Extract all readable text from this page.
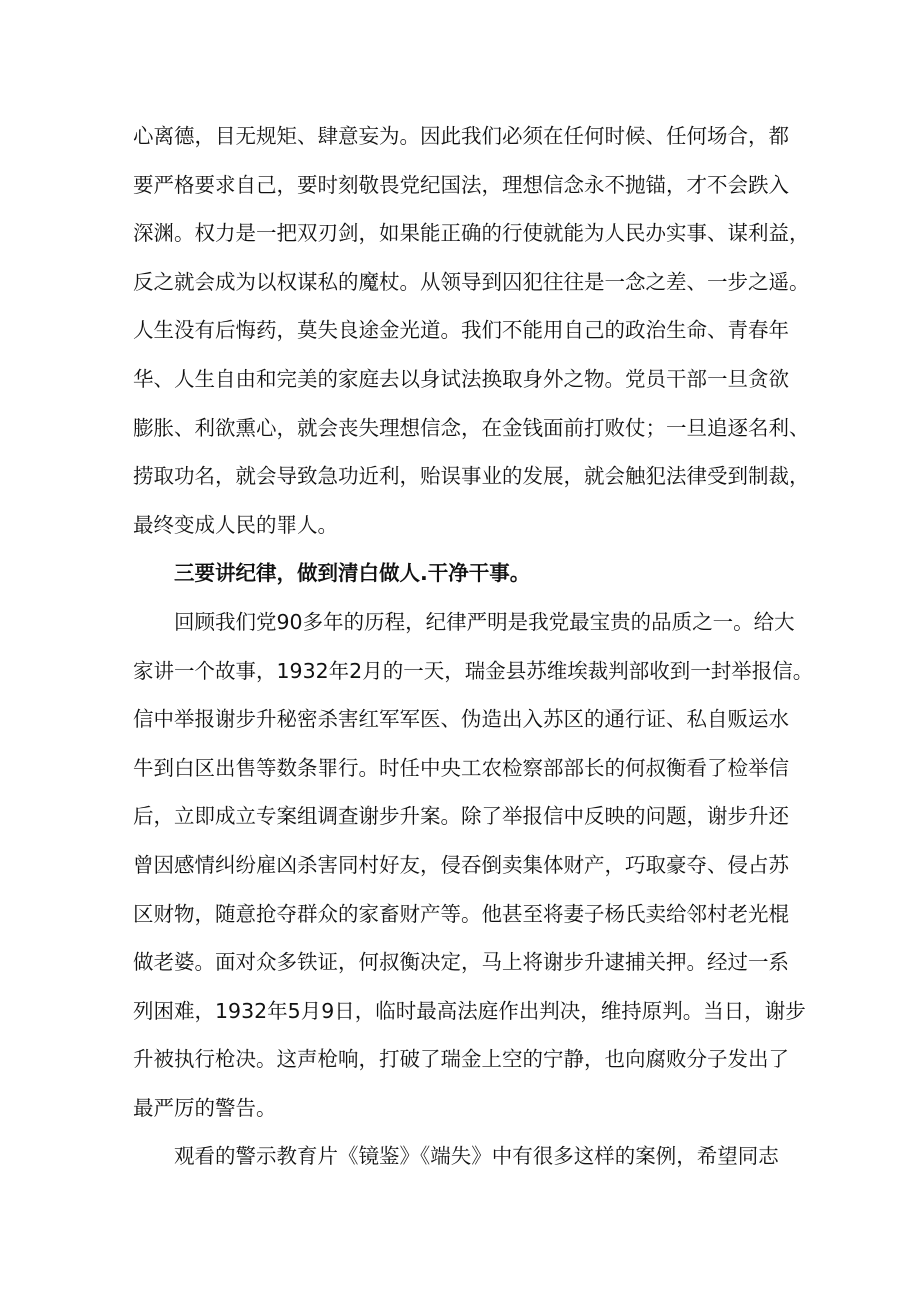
心离德，目无规矩、肆意妄为。因此我们必须在任何时候、任何场合，都
要严格要求自己，要时刻敬畏党纪国法，理想信念永不抛锚，才不会跌入
深渊。权力是一把双刃剑，如果能正确的行使就能为人民办实事、谋利益，
反之就会成为以权谋私的魔杖。从领导到囚犯往往是一念之差、一步之遥。
人生没有后悔药，莫失良途金光道。我们不能用自己的政治生命、青春年
华、人生自由和完美的家庭去以身试法换取身外之物。党员干部一旦贪欲
膨胀、利欲熏心，就会丧失理想信念，在金钱面前打败仗；一旦追逐名利、
捞取功名，就会导致急功近利，贻误事业的发展，就会触犯法律受到制裁，
最终变成人民的罪人。
三要讲纪律，做到清白做人.干净干事。
回顾我们党90多年的历程，纪律严明是我党最宝贵的品质之一。给大
家讲一个故事，1932年2月的一天，瑞金县苏维埃裁判部收到一封举报信。
信中举报谢步升秘密杀害红军军医、伪造出入苏区的通行证、私自贩运水
牛到白区出售等数条罪行。时任中央工农检察部部长的何叔衡看了检举信
后，立即成立专案组调查谢步升案。除了举报信中反映的问题，谢步升还
曾因感情纠纷雇凶杀害同村好友，侵吞倒卖集体财产，巧取豪夺、侵占苏
区财物，随意抢夺群众的家畜财产等。他甚至将妻子杨氏卖给邻村老光棍
做老婆。面对众多铁证，何叔衡决定，马上将谢步升逮捕关押。经过一系
列困难，1932年5月9日，临时最高法庭作出判决，维持原判。当日，谢步
升被执行枪决。这声枪响，打破了瑞金上空的宁静，也向腐败分子发出了
最严厉的警告。
观看的警示教育片《镜鉴》《端失》中有很多这样的案例，希望同志
